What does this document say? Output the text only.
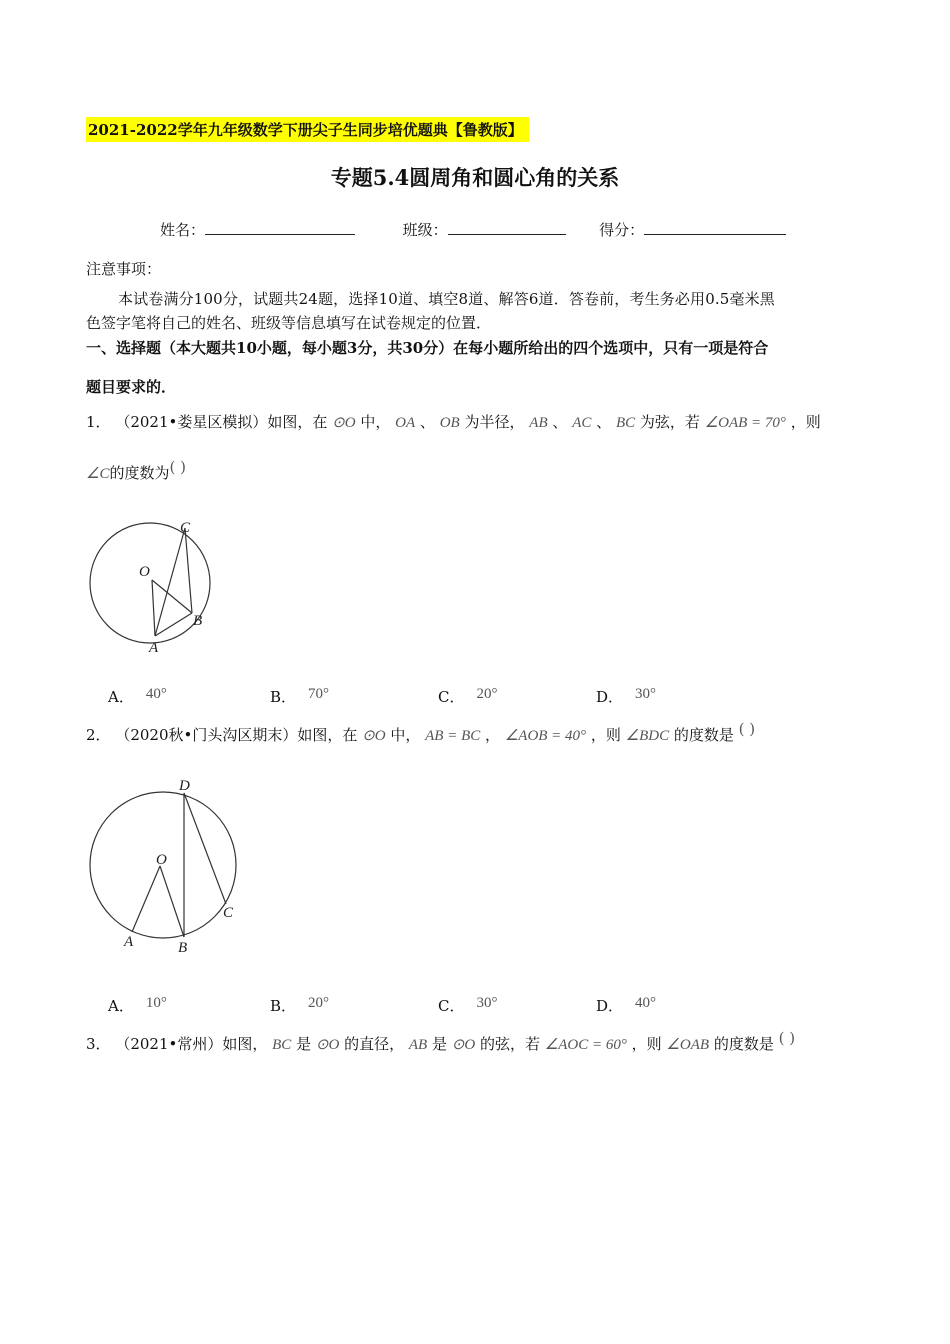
2021-2022学年九年级数学下册尖子生同步培优题典【鲁教版】
专题5.4圆周角和圆心角的关系
姓名：	班级：	得分：
注意事项：
本试卷满分100分，试题共24题，选择10道、填空8道、解答6道．答卷前，考生务必用0.5毫米黑
色签字笔将自己的姓名、班级等信息填写在试卷规定的位置．
一、选择题（本大题共10小题，每小题3分，共30分）在每小题所给出的四个选项中，只有一项是符合
题目要求的．
1． （2021•娄星区模拟）如图，在 ⊙O 中， OA 、 OB 为半径， AB 、 AC 、 BC 为弦，若 ∠OAB = 70° ，则
∠C的度数为( )
O
C
B
A
A． 40°	B． 70°	C． 20°	D． 30°
2． （2020秋•门头沟区期末）如图，在 ⊙O 中， AB = BC ， ∠AOB = 40° ，则 ∠BDC 的度数是 ( )
D
O
C
A	B
A． 10°	B． 20°	C． 30°	D． 40°
3． （2021•常州）如图， BC 是 ⊙O 的直径， AB 是 ⊙O 的弦，若 ∠AOC = 60° ，则 ∠OAB 的度数是 ( )
